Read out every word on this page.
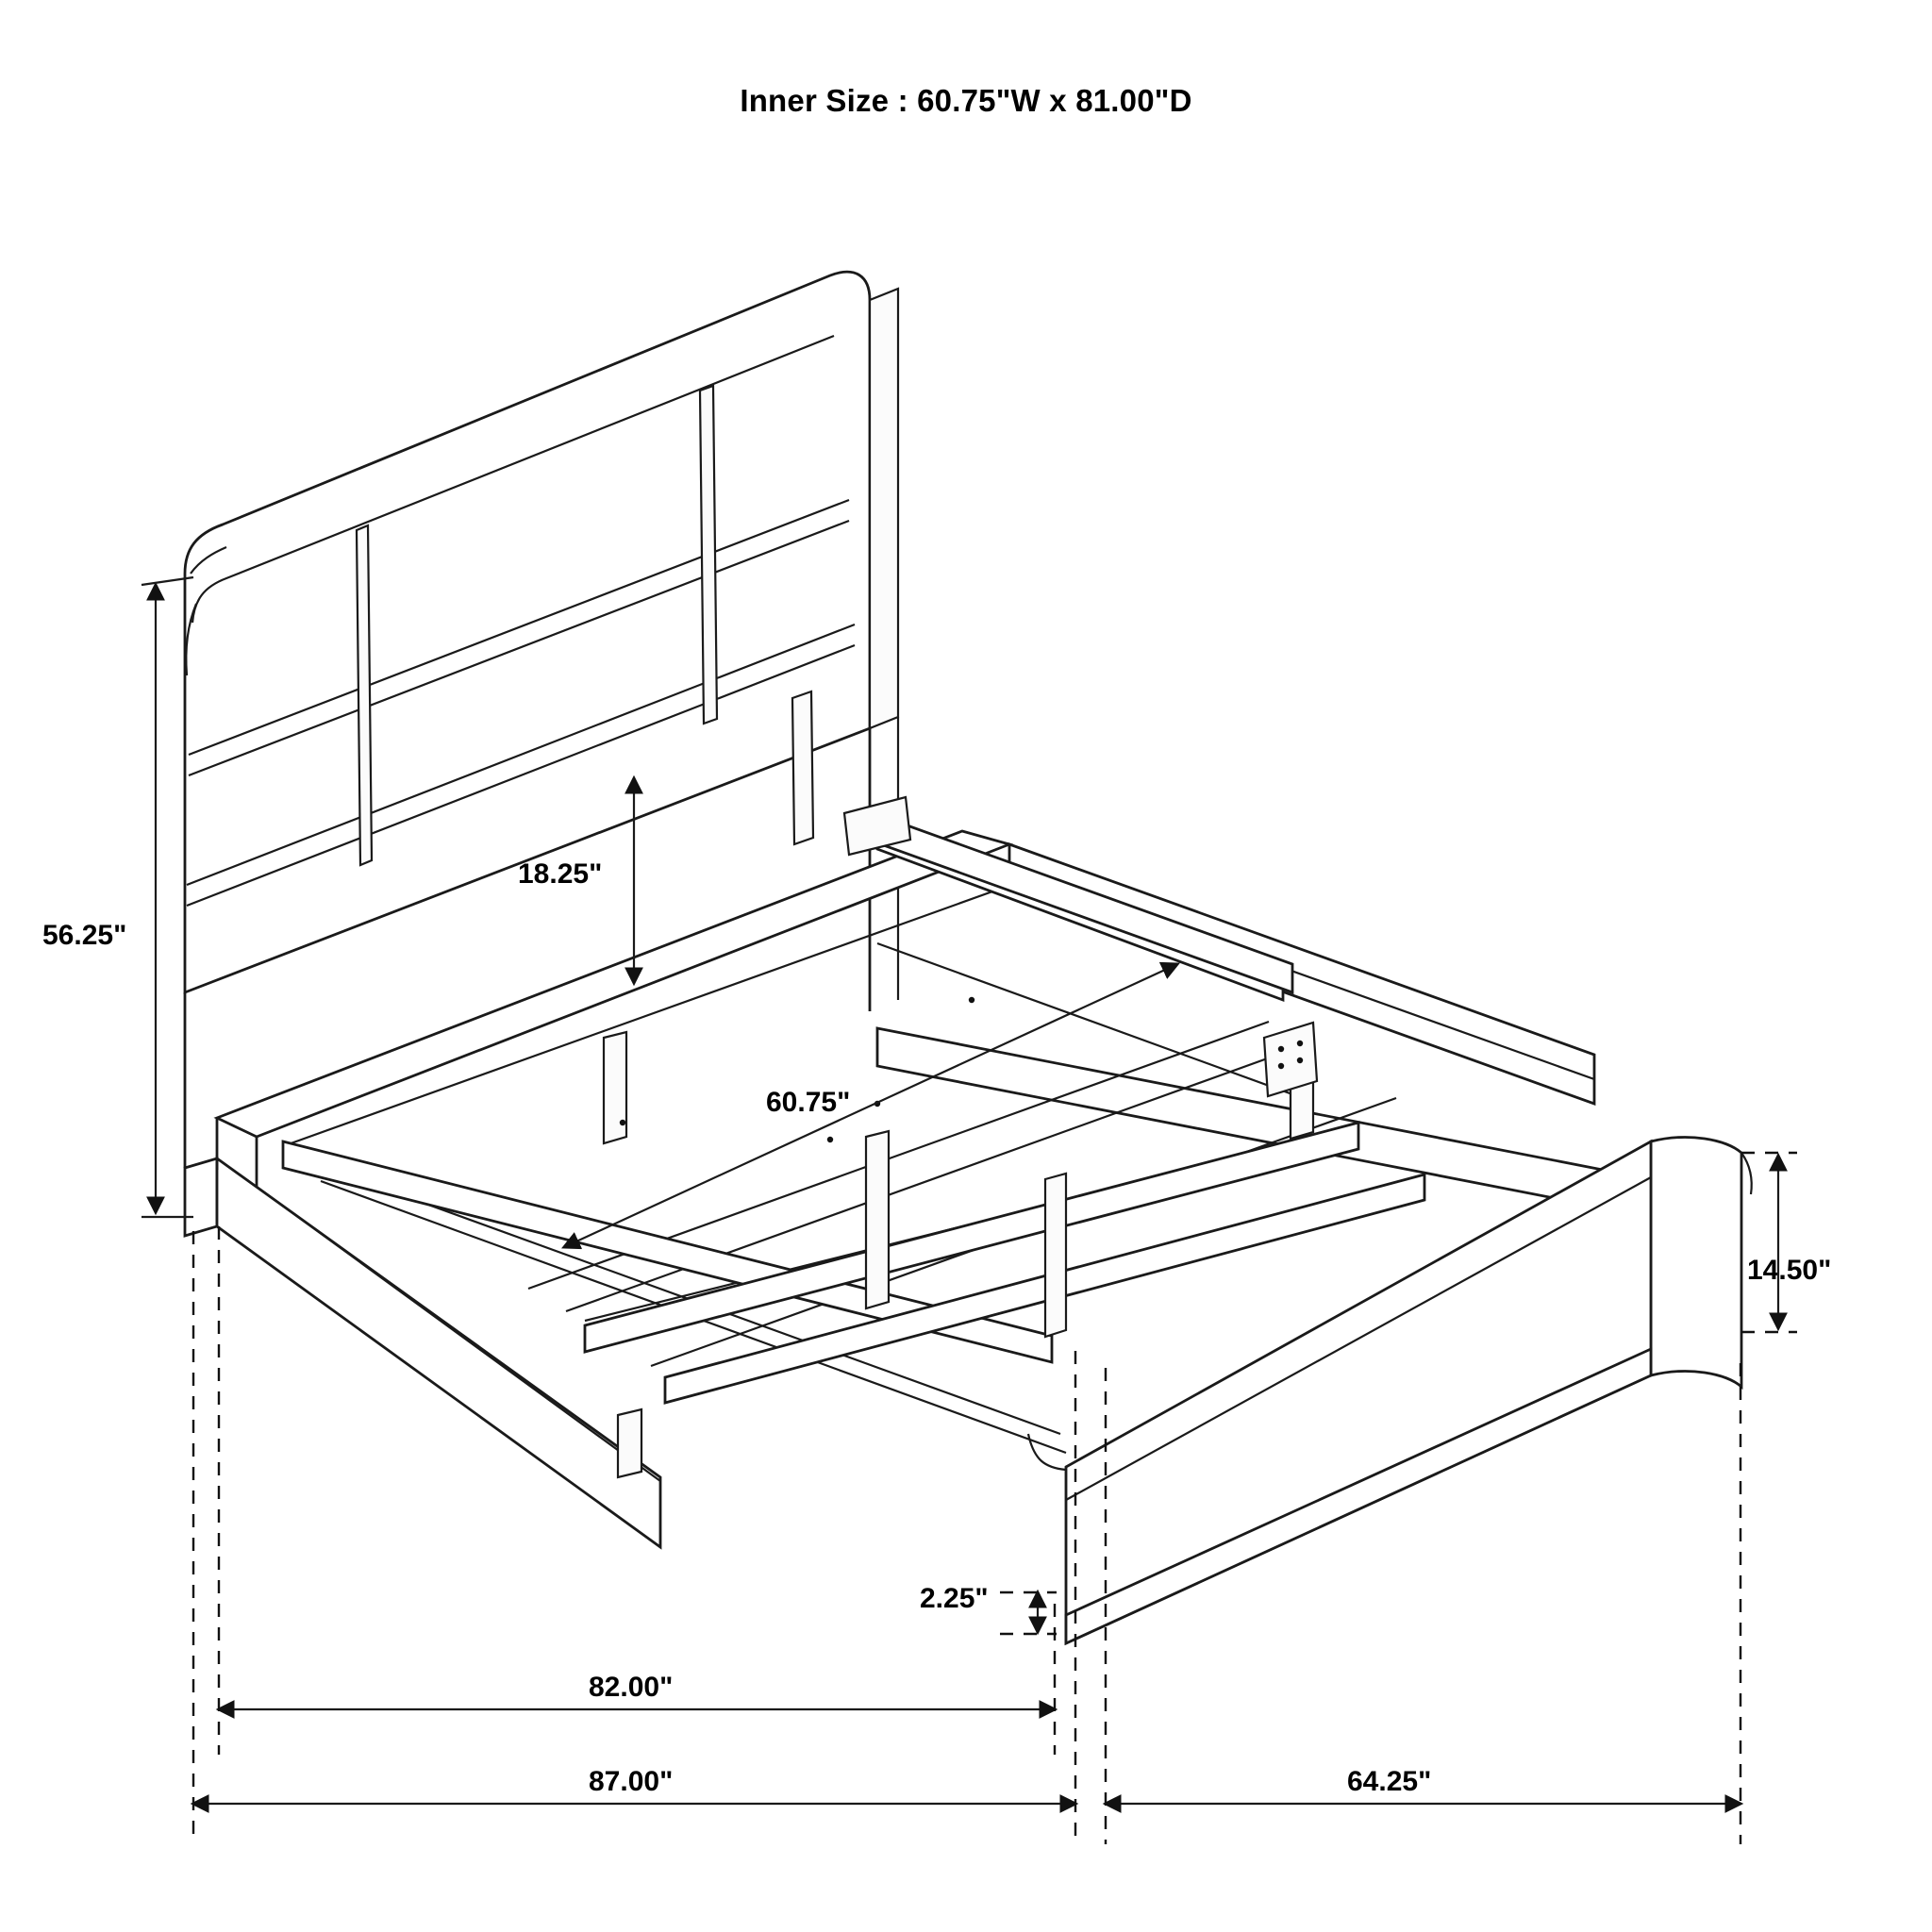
Inner Size : 60.75"W x 81.00"D
56.25"
18.25"
60.75"
14.50"
2.25"
82.00"
87.00"	64.25"
